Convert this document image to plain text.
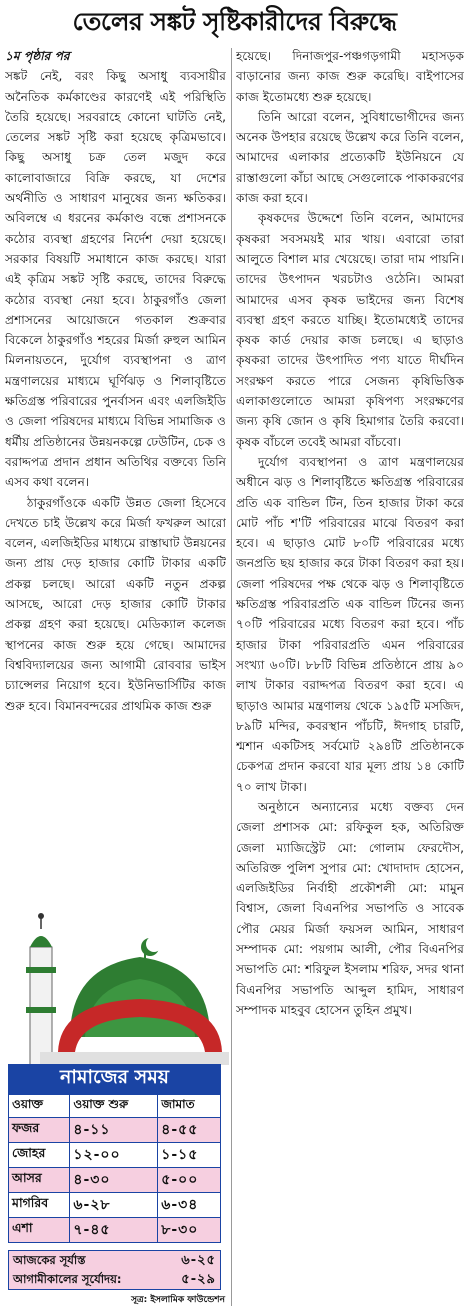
তেলের সঙ্কট সৃষ্টিকারীদের বিরুদ্ধে

১ম পৃষ্ঠার পর

সঙ্কট নেই, বরং কিছু অসাধু ব্যবসায়ীর অনৈতিক কর্মকাণ্ডের কারণেই এই পরিস্থিতি তৈরি হয়েছে। সরবরাহে কোনো ঘাটতি নেই, তেলের সঙ্কট সৃষ্টি করা হয়েছে কৃত্রিমভাবে। কিছু অসাধু চক্র তেল মজুদ করে কালোবাজারে বিক্রি করছে, যা দেশের অর্থনীতি ও সাধারণ মানুষের জন্য ক্ষতিকর। অবিলম্বে এ ধরনের কর্মকাণ্ড বন্ধে প্রশাসনকে কঠোর ব্যবস্থা গ্রহণের নির্দেশ দেয়া হয়েছে। সরকার বিষয়টি সমাধানে কাজ করছে। যারা এই কৃত্রিম সঙ্কট সৃষ্টি করছে, তাদের বিরুদ্ধে কঠোর ব্যবস্থা নেয়া হবে। ঠাকুরগাঁও জেলা প্রশাসনের আয়োজনে গতকাল শুক্রবার বিকেলে ঠাকুরগাঁও শহরের মির্জা রুহুল আমিন মিলনায়তনে, দুর্যোগ ব্যবস্থাপনা ও ত্রাণ মন্ত্রণালয়ের মাধ্যমে ঘূর্ণিঝড় ও শিলাবৃষ্টিতে ক্ষতিগ্রস্ত পরিবারের পুনর্বাসন এবং এলজিইডি ও জেলা পরিষদের মাধ্যমে বিভিন্ন সামাজিক ও ধর্মীয় প্রতিষ্ঠানের উন্নয়নকল্পে ঢেউটিন, চেক ও বরাদ্দপত্র প্রদান প্রধান অতিথির বক্তব্যে তিনি এসব কথা বলেন।

ঠাকুরগাঁওকে একটি উন্নত জেলা হিসেবে দেখতে চাই উল্লেখ করে মির্জা ফখরুল আরো বলেন, এলজিইডির মাধ্যমে রাস্তাঘাট উন্নয়নের জন্য প্রায় দেড় হাজার কোটি টাকার একটি প্রকল্প চলছে। আরো একটি নতুন প্রকল্প আসছে, আরো দেড় হাজার কোটি টাকার প্রকল্প গ্রহণ করা হয়েছে। মেডিক্যাল কলেজ স্থাপনের কাজ শুরু হয়ে গেছে। আমাদের বিশ্ববিদ্যালয়ের জন্য আগামী রোববার ভাইস চ্যান্সেলর নিয়োগ হবে। ইউনিভার্সিটির কাজ শুরু হবে। বিমানবন্দরের প্রাথমিক কাজ শুরু

হয়েছে। দিনাজপুর-পঞ্চগড়গামী মহাসড়ক বাড়ানোর জন্য কাজ শুরু করেছি। বাইপাসের কাজ ইতোমধ্যে শুরু হয়েছে।

তিনি আরো বলেন, সুবিধাভোগীদের জন্য অনেক উপহার রয়েছে উল্লেখ করে তিনি বলেন, আমাদের এলাকার প্রত্যেকটি ইউনিয়নে যে রাস্তাগুলো কাঁচা আছে সেগুলোকে পাকাকরণের কাজ করা হবে।

কৃষকদের উদ্দেশে তিনি বলেন, আমাদের কৃষকরা সবসময়ই মার খায়। এবারো তারা আলুতে বিশাল মার খেয়েছে। তারা দাম পায়নি। তাদের উৎপাদন খরচটাও ওঠেনি। আমরা আমাদের এসব কৃষক ভাইদের জন্য বিশেষ ব্যবস্থা গ্রহণ করতে যাচ্ছি। ইতোমধ্যেই তাদের কৃষক কার্ড দেয়ার কাজ চলছে। এ ছাড়াও কৃষকরা তাদের উৎপাদিত পণ্য যাতে দীর্ঘদিন সংরক্ষণ করতে পারে সেজন্য কৃষিভিত্তিক এলাকাগুলোতে আমরা কৃষিপণ্য সংরক্ষণের জন্য কৃষি জোন ও কৃষি হিমাগার তৈরি করবো। কৃষক বাঁচলে তবেই আমরা বাঁচবো।

দুর্যোগ ব্যবস্থাপনা ও ত্রাণ মন্ত্রণালয়ের অধীনে ঝড় ও শিলাবৃষ্টিতে ক্ষতিগ্রস্ত পরিবারের প্রতি এক বান্ডিল টিন, তিন হাজার টাকা করে মোট পাঁচ শ'টি পরিবারের মাঝে বিতরণ করা হবে। এ ছাড়াও মোট ৮০টি পরিবারের মধ্যে জনপ্রতি ছয় হাজার করে টাকা বিতরণ করা হয়। জেলা পরিষদের পক্ষ থেকে ঝড় ও শিলাবৃষ্টিতে ক্ষতিগ্রস্ত পরিবারপ্রতি এক বান্ডিল টিনের জন্য ৭০টি পরিবারের মধ্যে বিতরণ করা হবে। পাঁচ হাজার টাকা পরিবারপ্রতি এমন পরিবারের সংখ্যা ৬০টি। ৮৮টি বিভিন্ন প্রতিষ্ঠানে প্রায় ৯০ লাখ টাকার বরাদ্দপত্র বিতরণ করা হবে। এ ছাড়াও আমার মন্ত্রণালয় থেকে ১৯৫টি মসজিদ, ৮৯টি মন্দির, কবরস্থান পাঁচটি, ঈদগাহ চারটি, শ্মশান একটিসহ সর্বমোট ২৯৪টি প্রতিষ্ঠানকে চেকপত্র প্রদান করবো যার মূল্য প্রায় ১৪ কোটি ৭০ লাখ টাকা।

অনুষ্ঠানে অন্যান্যের মধ্যে বক্তব্য দেন জেলা প্রশাসক মো: রফিকুল হক, অতিরিক্ত জেলা ম্যাজিস্ট্রেট মো: গোলাম ফেরদৌস, অতিরিক্ত পুলিশ সুপার মো: খোদাদাদ হোসেন, এলজিইডির নির্বাহী প্রকৌশলী মো: মামুন বিশ্বাস, জেলা বিএনপির সভাপতি ও সাবেক পৌর মেয়র মির্জা ফয়সল আমিন, সাধারণ সম্পাদক মো: পয়গাম আলী, পৌর বিএনপির সভাপতি মো: শরিফুল ইসলাম শরিফ, সদর থানা বিএনপির সভাপতি আব্দুল হামিদ, সাধারণ সম্পাদক মাহবুব হোসেন তুহিন প্রমুখ।

নামাজের সময়
ওয়াক্ত	ওয়াক্ত শুরু	জামাত
ফজর	৪-১১	৪-৫৫
জোহর	১২-০০	১-১৫
আসর	৪-৩০	৫-০০
মাগরিব	৬-২৮	৬-৩৪
এশা	৭-৪৫	৮-৩০
আজকের সূর্যাস্ত	৬-২৫
আগামীকালের সূর্যোদয়:	৫-২৯
সূত্র: ইসলামিক ফাউন্ডেশন
